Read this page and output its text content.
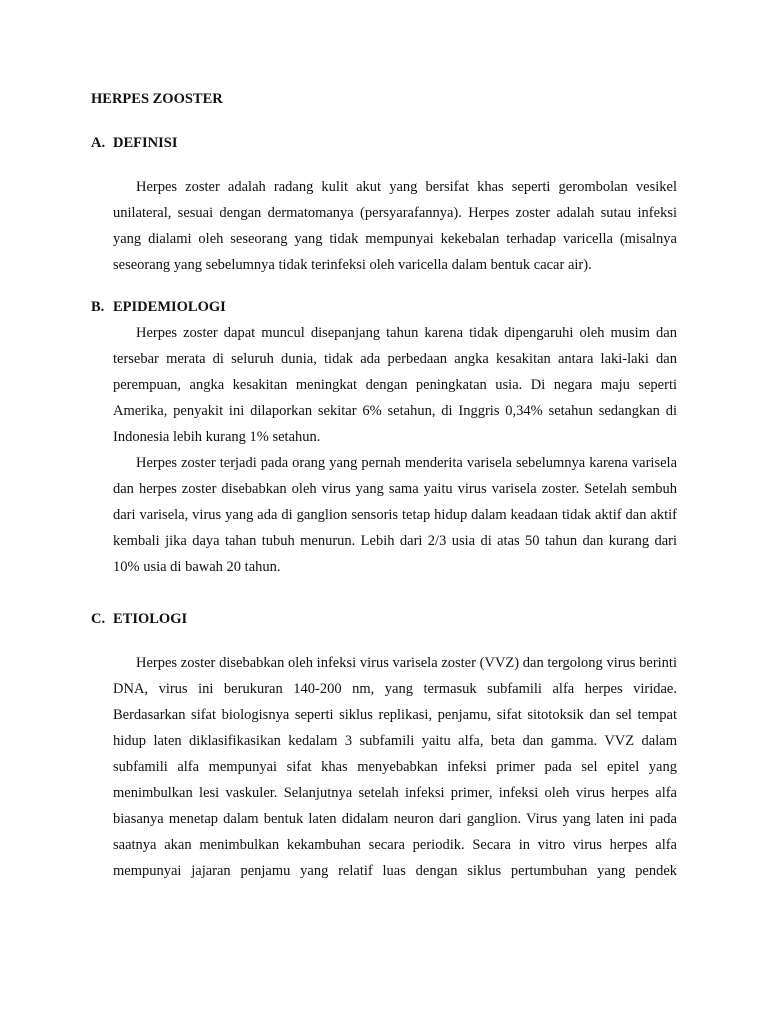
HERPES ZOOSTER
A. DEFINISI

Herpes zoster adalah radang kulit akut yang bersifat khas seperti gerombolan vesikel unilateral, sesuai dengan dermatomanya (persyarafannya). Herpes zoster adalah sutau infeksi yang dialami oleh seseorang yang tidak mempunyai kekebalan terhadap varicella (misalnya seseorang yang sebelumnya tidak terinfeksi oleh varicella dalam bentuk cacar air).

B. EPIDEMIOLOGI

Herpes zoster dapat muncul disepanjang tahun karena tidak dipengaruhi oleh musim dan tersebar merata di seluruh dunia, tidak ada perbedaan angka kesakitan antara laki-laki dan perempuan, angka kesakitan meningkat dengan peningkatan usia. Di negara maju seperti Amerika, penyakit ini dilaporkan sekitar 6% setahun, di Inggris 0,34% setahun sedangkan di Indonesia lebih kurang 1% setahun.

Herpes zoster terjadi pada orang yang pernah menderita varisela sebelumnya karena varisela dan herpes zoster disebabkan oleh virus yang sama yaitu virus varisela zoster. Setelah sembuh dari varisela, virus yang ada di ganglion sensoris tetap hidup dalam keadaan tidak aktif dan aktif kembali jika daya tahan tubuh menurun. Lebih dari 2/3 usia di atas 50 tahun dan kurang dari 10% usia di bawah 20 tahun.

C. ETIOLOGI

Herpes zoster disebabkan oleh infeksi virus varisela zoster (VVZ) dan tergolong virus berinti DNA, virus ini berukuran 140-200 nm, yang termasuk subfamili alfa herpes viridae. Berdasarkan sifat biologisnya seperti siklus replikasi, penjamu, sifat sitotoksik dan sel tempat hidup laten diklasifikasikan kedalam 3 subfamili yaitu alfa, beta dan gamma. VVZ dalam subfamili alfa mempunyai sifat khas menyebabkan infeksi primer pada sel epitel yang menimbulkan lesi vaskuler. Selanjutnya setelah infeksi primer, infeksi oleh virus herpes alfa biasanya menetap dalam bentuk laten didalam neuron dari ganglion. Virus yang laten ini pada saatnya akan menimbulkan kekambuhan secara periodik. Secara in vitro virus herpes alfa mempunyai jajaran penjamu yang relatif luas dengan siklus pertumbuhan yang pendek
